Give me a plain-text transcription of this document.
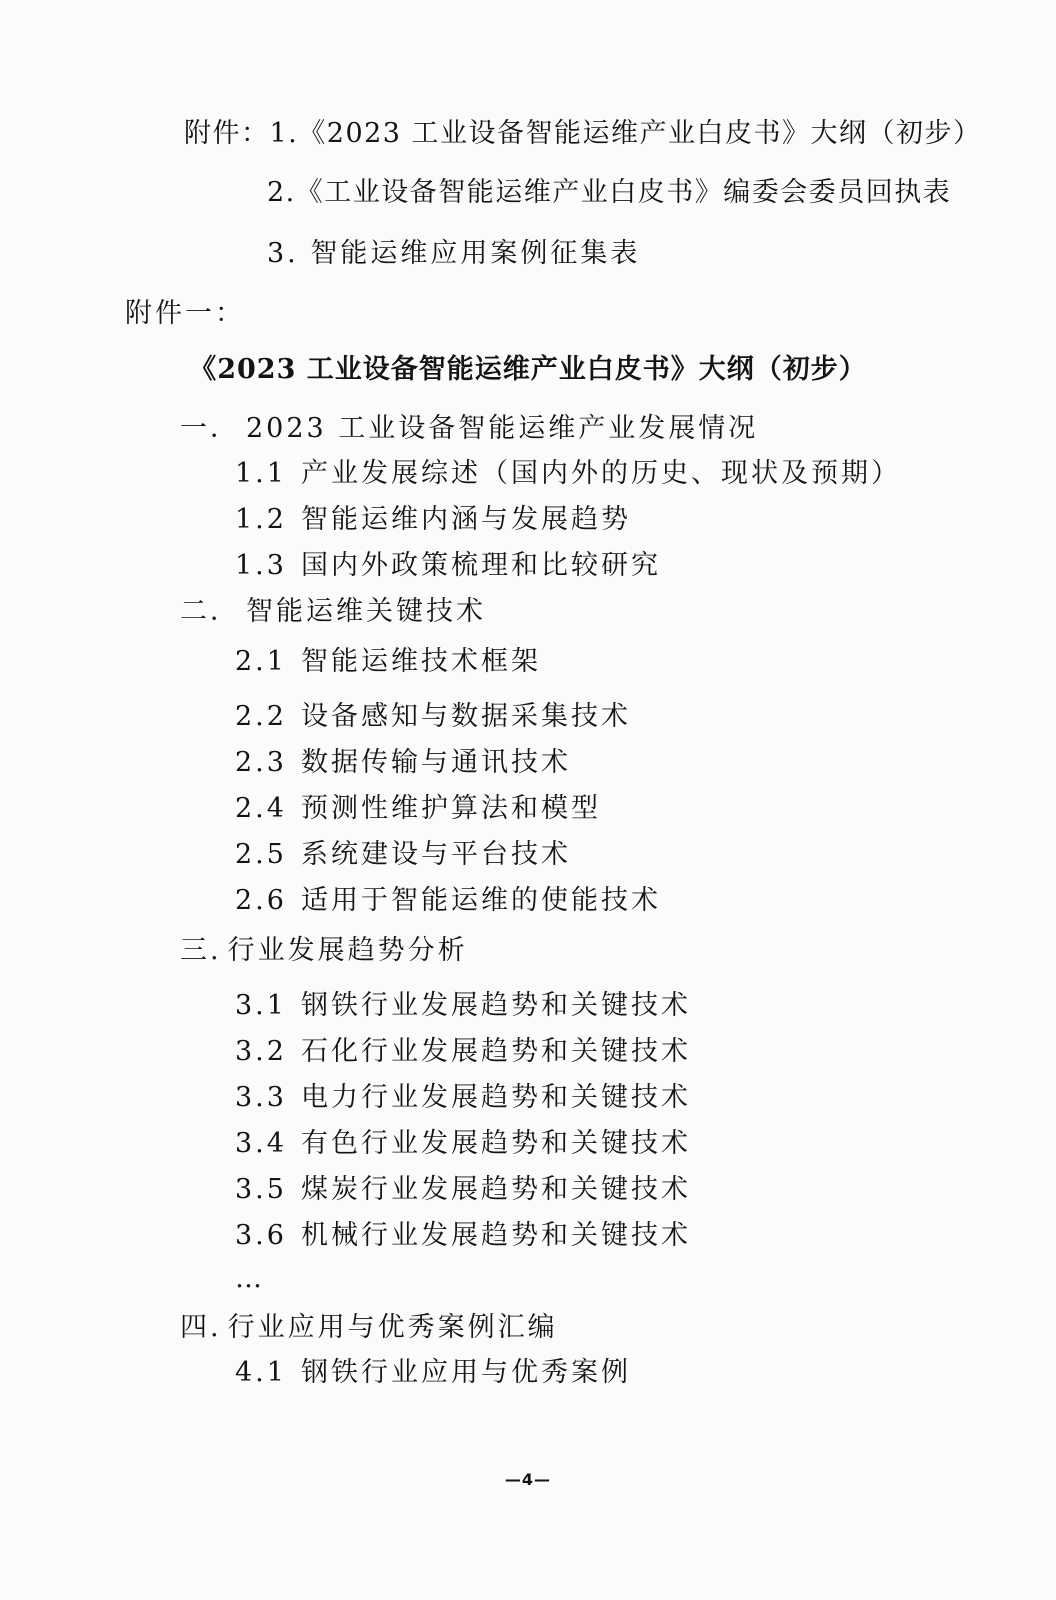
附件：1.《2023 工业设备智能运维产业白皮书》大纲（初步）
2.《工业设备智能运维产业白皮书》编委会委员回执表
3. 智能运维应用案例征集表
附件一：
《2023 工业设备智能运维产业白皮书》大纲（初步）
一． 2023 工业设备智能运维产业发展情况
1.1 产业发展综述（国内外的历史、现状及预期）
1.2 智能运维内涵与发展趋势
1.3 国内外政策梳理和比较研究
二． 智能运维关键技术
2.1 智能运维技术框架
2.2 设备感知与数据采集技术
2.3 数据传输与通讯技术
2.4 预测性维护算法和模型
2.5 系统建设与平台技术
2.6 适用于智能运维的使能技术
三. 行业发展趋势分析
3.1 钢铁行业发展趋势和关键技术
3.2 石化行业发展趋势和关键技术
3.3 电力行业发展趋势和关键技术
3.4 有色行业发展趋势和关键技术
3.5 煤炭行业发展趋势和关键技术
3.6 机械行业发展趋势和关键技术
…
四. 行业应用与优秀案例汇编
4.1 钢铁行业应用与优秀案例
—4—
